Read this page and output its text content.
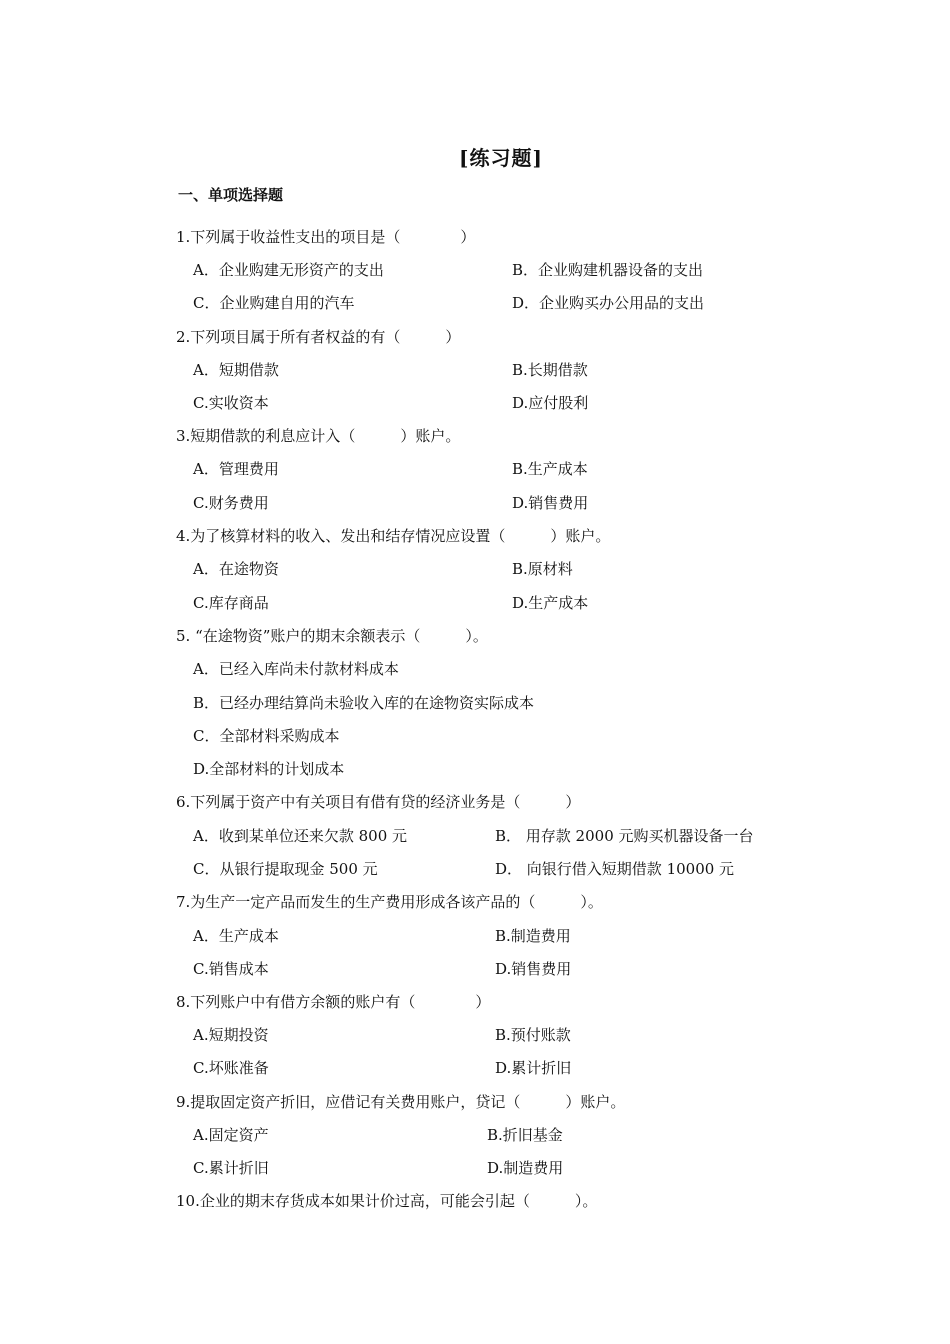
[练习题]
一、单项选择题
1.下列属于收益性支出的项目是（　　　　）
A．企业购建无形资产的支出	B．企业购建机器设备的支出
C．企业购建自用的汽车	D．企业购买办公用品的支出
2.下列项目属于所有者权益的有（　　　）
A．短期借款	B.长期借款
C.实收资本	D.应付股利
3.短期借款的利息应计入（　　　）账户。
A．管理费用	B.生产成本
C.财务费用	D.销售费用
4.为了核算材料的收入、发出和结存情况应设置（　　　）账户。
A．在途物资	B.原材料
C.库存商品	D.生产成本
5. “在途物资”账户的期末余额表示（　　　）。
A．已经入库尚未付款材料成本
B．已经办理结算尚未验收入库的在途物资实际成本
C．全部材料采购成本
D.全部材料的计划成本
6.下列属于资产中有关项目有借有贷的经济业务是（　　　）
A．收到某单位还来欠款 800 元	B． 用存款 2000 元购买机器设备一台
C．从银行提取现金 500 元	D． 向银行借入短期借款 10000 元
7.为生产一定产品而发生的生产费用形成各该产品的（　　　）。
A．生产成本	B.制造费用
C.销售成本	D.销售费用
8.下列账户中有借方余额的账户有（　　　　）
A.短期投资	B.预付账款
C.坏账准备	D.累计折旧
9.提取固定资产折旧，应借记有关费用账户，贷记（　　　）账户。
A.固定资产	B.折旧基金
C.累计折旧	D.制造费用
10.企业的期末存货成本如果计价过高，可能会引起（　　　）。
